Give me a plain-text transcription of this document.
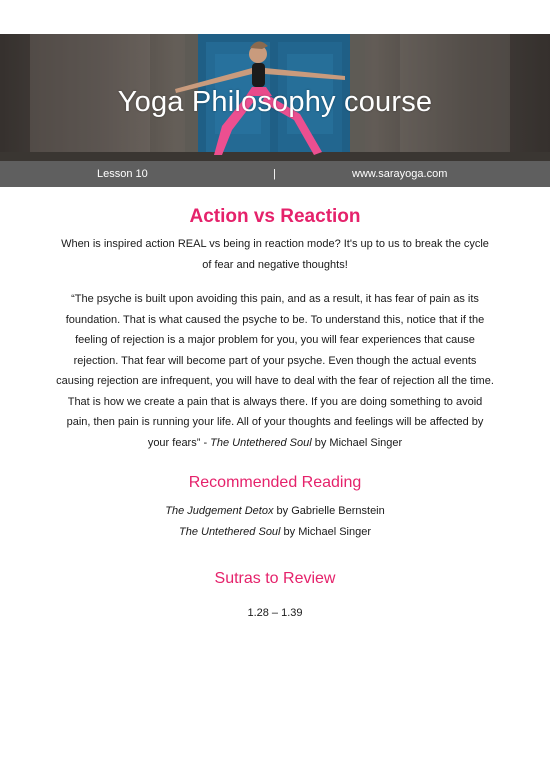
Yoga Philosophy course
Lesson 10	|	www.sarayoga.com
Action vs Reaction
When is inspired action REAL vs being in reaction mode? It's up to us to break the cycle
of fear and negative thoughts!
“The psyche is built upon avoiding this pain, and as a result, it has fear of pain as its
foundation. That is what caused the psyche to be. To understand this, notice that if the
feeling of rejection is a major problem for you, you will fear experiences that cause
rejection. That fear will become part of your psyche. Even though the actual events
causing rejection are infrequent, you will have to deal with the fear of rejection all the time.
That is how we create a pain that is always there. If you are doing something to avoid
pain, then pain is running your life. All of your thoughts and feelings will be affected by
your fears” - The Untethered Soul by Michael Singer
Recommended Reading
The Judgement Detox by Gabrielle Bernstein
The Untethered Soul by Michael Singer
Sutras to Review
1.28 – 1.39
